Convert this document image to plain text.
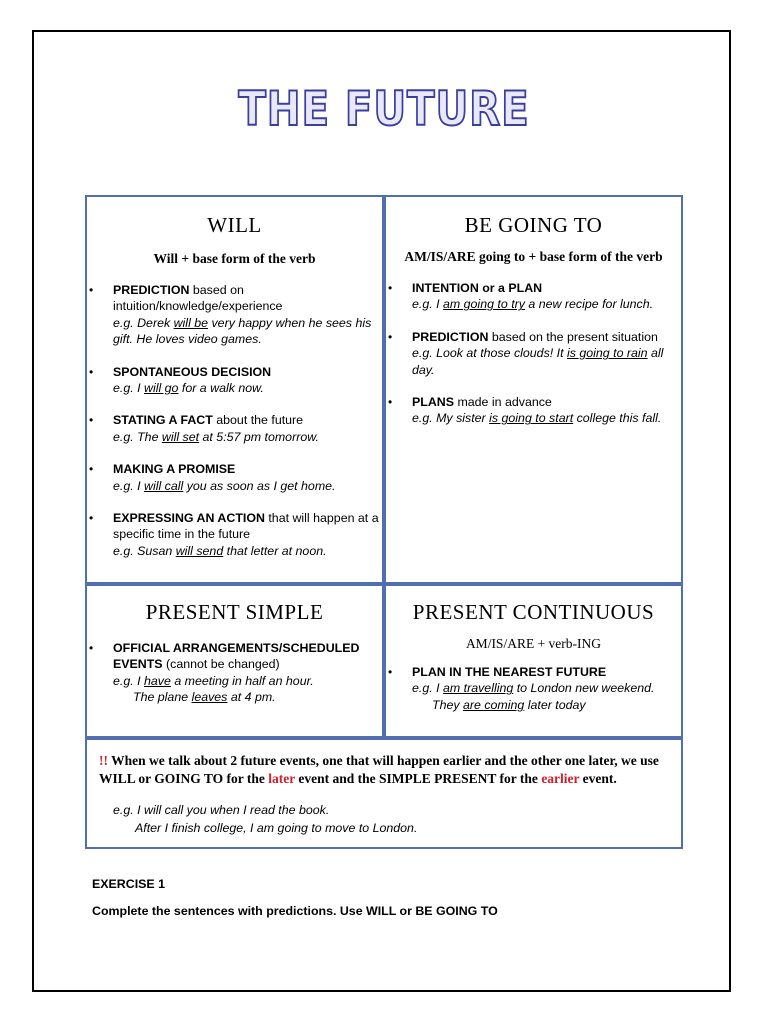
THE FUTURE
WILL
Will + base form of the verb
• PREDICTION based on intuition/knowledge/experience

e.g. Derek will be very happy when he sees his gift. He loves video games.
• SPONTANEOUS DECISION

e.g. I will go for a walk now.
• STATING A FACT about the future

e.g. The will set at 5:57 pm tomorrow.
• MAKING A PROMISE

e.g. I will call you as soon as I get home.
• EXPRESSING AN ACTION that will happen at a specific time in the future

e.g. Susan will send that letter at noon.
BE GOING TO
AM/IS/ARE going to + base form of the verb
• INTENTION or a PLAN

e.g. I am going to try a new recipe for lunch.
• PREDICTION based on the present situation

e.g. Look at those clouds! It is going to rain all day.
• PLANS made in advance

e.g. My sister is going to start college this fall.
PRESENT SIMPLE
• OFFICIAL ARRANGEMENTS/SCHEDULED EVENTS (cannot be changed)

e.g. I have a meeting in half an hour.
The plane leaves at 4 pm.
PRESENT CONTINUOUS
AM/IS/ARE + verb-ING
• PLAN IN THE NEAREST FUTURE

e.g. I am travelling to London new weekend.
They are coming later today
!! When we talk about 2 future events, one that will happen earlier and the other one later, we use WILL or GOING TO for the later event and the SIMPLE PRESENT for the earlier event.
e.g. I will call you when I read the book.
After I finish college, I am going to move to London.
EXERCISE 1
Complete the sentences with predictions. Use WILL or BE GOING TO
